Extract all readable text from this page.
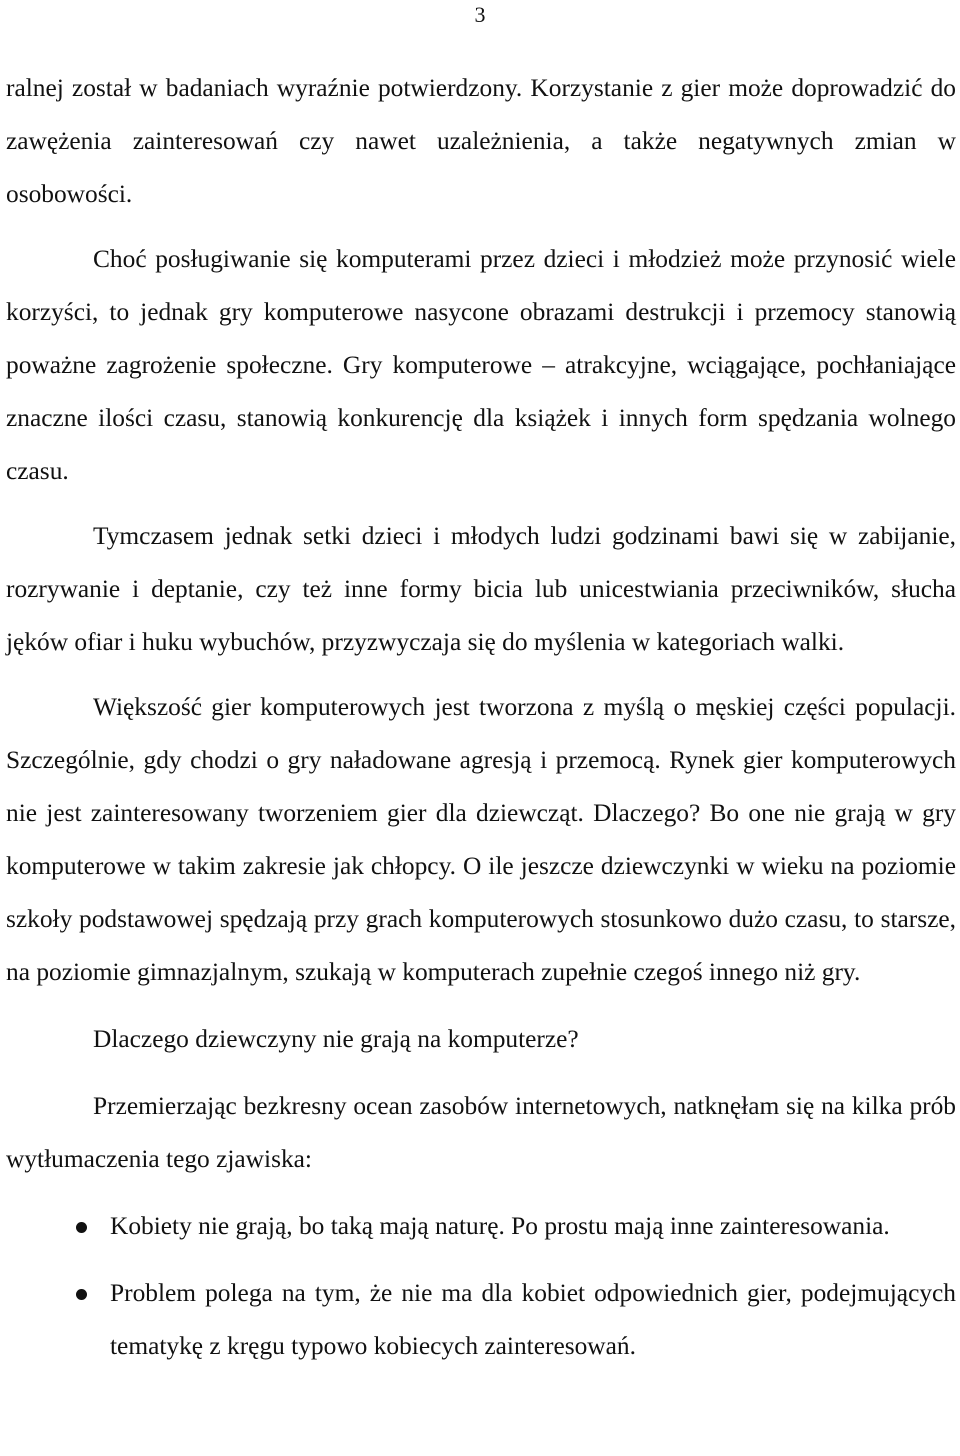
3

ralnej został w badaniach wyraźnie potwierdzony. Korzystanie z gier może doprowadzić do zawężenia zainteresowań czy nawet uzależnienia, a także negatywnych zmian w osobowości.

Choć posługiwanie się komputerami przez dzieci i młodzież może przynosić wiele korzyści, to jednak gry komputerowe nasycone obrazami destrukcji i przemocy stanowią poważne zagrożenie społeczne. Gry komputerowe – atrakcyjne, wciągające, pochłaniające znaczne ilości czasu, stanowią konkurencję dla książek i innych form spędzania wolnego czasu.

Tymczasem jednak setki dzieci i młodych ludzi godzinami bawi się w zabijanie, rozrywanie i deptanie, czy też inne formy bicia lub unicestwiania przeciwników, słucha jęków ofiar i huku wybuchów, przyzwyczaja się do myślenia w kategoriach walki.

Większość gier komputerowych jest tworzona z myślą o męskiej części populacji. Szczególnie, gdy chodzi o gry naładowane agresją i przemocą. Rynek gier komputerowych nie jest zainteresowany tworzeniem gier dla dziewcząt. Dlaczego? Bo one nie grają w gry komputerowe w takim zakresie jak chłopcy. O ile jeszcze dziewczynki w wieku na poziomie szkoły podstawowej spędzają przy grach komputerowych stosunkowo dużo czasu, to starsze, na poziomie gimnazjalnym, szukają w komputerach zupełnie czegoś innego niż gry.

Dlaczego dziewczyny nie grają na komputerze?

Przemierzając bezkresny ocean zasobów internetowych, natknęłam się na kilka prób wytłumaczenia tego zjawiska:

Kobiety nie grają, bo taką mają naturę. Po prostu mają inne zainteresowania.
Problem polega na tym, że nie ma dla kobiet odpowiednich gier, podejmujących tematykę z kręgu typowo kobiecych zainteresowań.
